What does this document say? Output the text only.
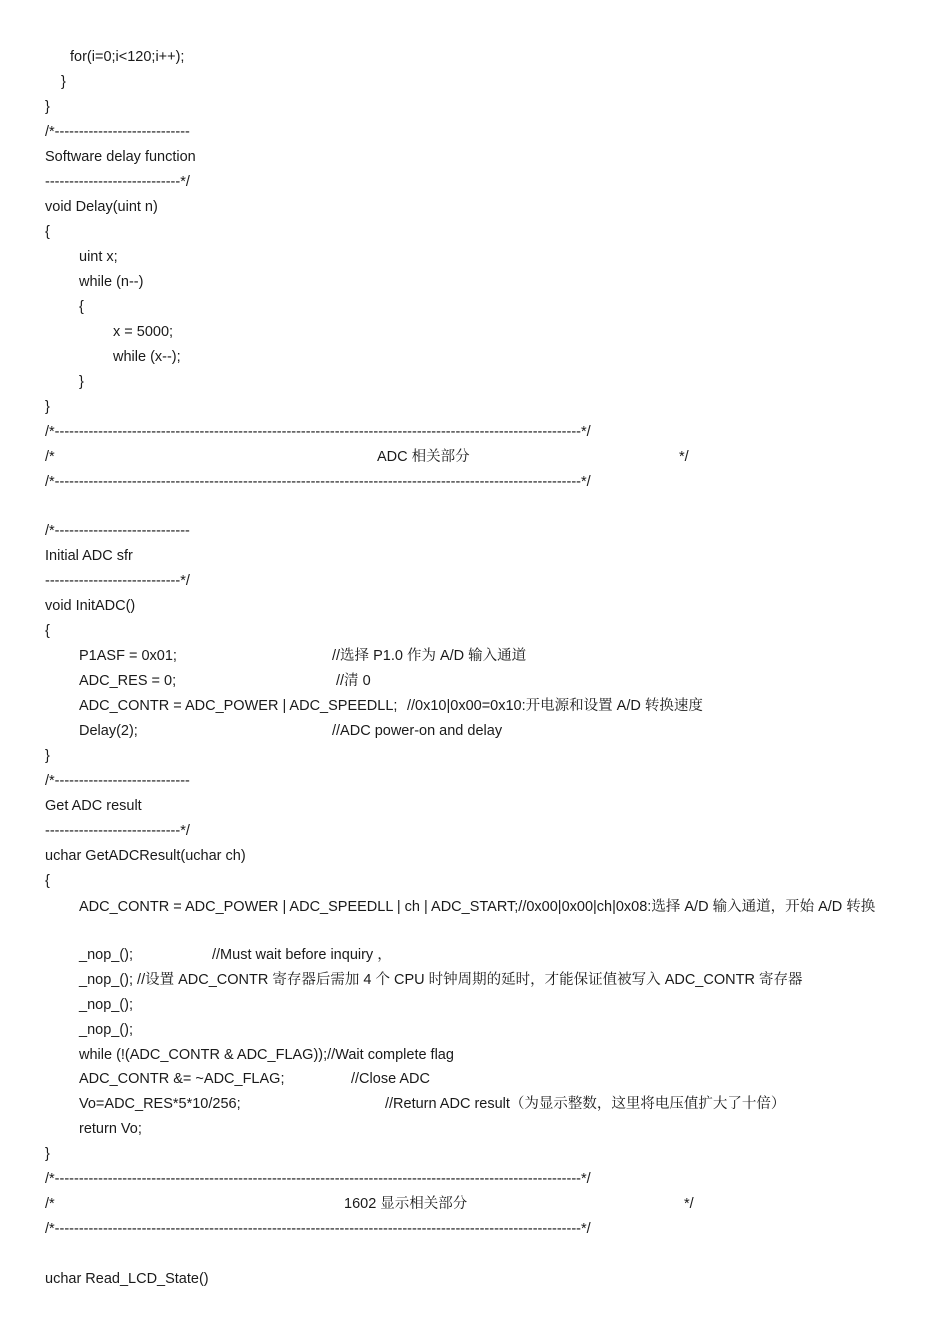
for(i=0;i<120;i++);
}
}
/*----------------------------
Software delay function
----------------------------*/
void Delay(uint n)
{
uint x;
while (n--)
{
x = 5000;
while (x--);
}
}
/*-------------------------------------------------------------------------------------------------------------*/
/*	ADC 相关部分	*/
/*-------------------------------------------------------------------------------------------------------------*/
/*----------------------------
Initial ADC sfr
----------------------------*/
void InitADC()
{
P1ASF = 0x01;	//选择 P1.0 作为 A/D 输入通道
ADC_RES = 0;	//清 0
ADC_CONTR = ADC_POWER | ADC_SPEEDLL; //0x10|0x00=0x10:开电源和设置 A/D 转换速度
Delay(2);	//ADC power-on and delay
}
/*----------------------------
Get ADC result
----------------------------*/
uchar GetADCResult(uchar ch)
{
ADC_CONTR = ADC_POWER | ADC_SPEEDLL | ch | ADC_START;//0x00|0x00|ch|0x08:选择 A/D 输入通道，开始 A/D 转换
_nop_();	//Must wait before inquiry ，
_nop_(); //设置 ADC_CONTR 寄存器后需加 4 个 CPU 时钟周期的延时，才能保证值被写入 ADC_CONTR 寄存器
_nop_();
_nop_();
while (!(ADC_CONTR & ADC_FLAG));//Wait complete flag
ADC_CONTR &= ~ADC_FLAG;	//Close ADC
Vo=ADC_RES*5*10/256;	//Return ADC result（为显示整数，这里将电压值扩大了十倍）
return Vo;
}
/*-------------------------------------------------------------------------------------------------------------*/
/*	1602 显示相关部分	*/
/*-------------------------------------------------------------------------------------------------------------*/
uchar Read_LCD_State()
